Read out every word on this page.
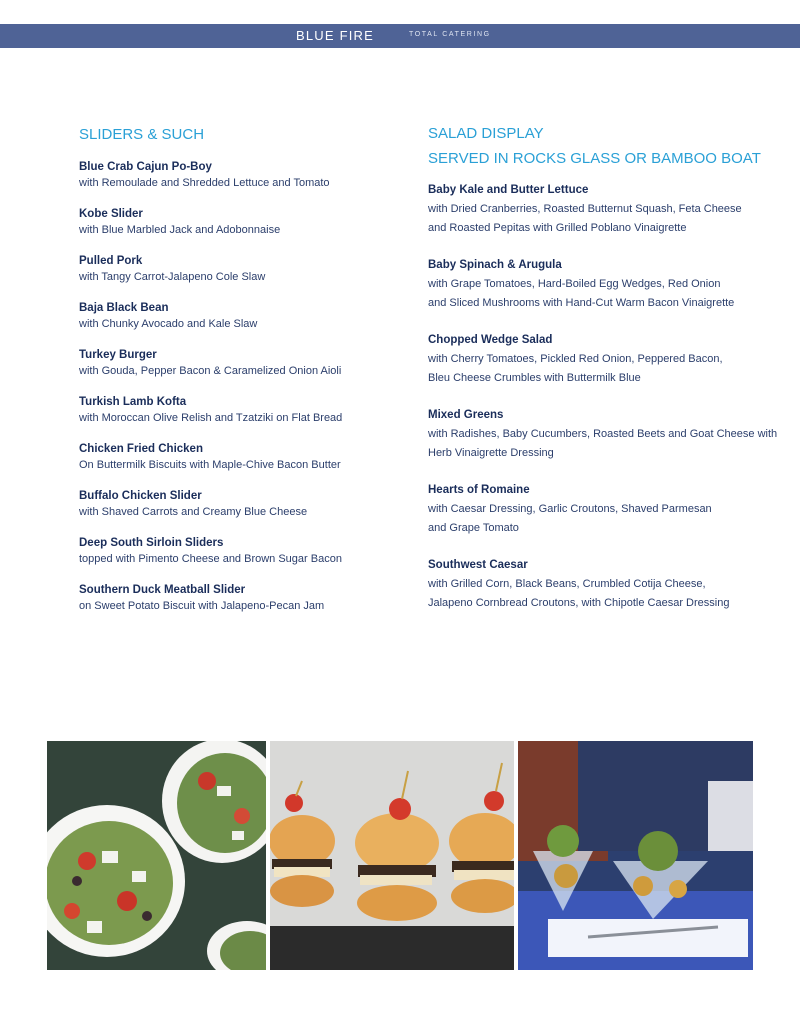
BLUE FIRE	TOTAL CATERING
SLIDERS & SUCH
Blue Crab Cajun Po-Boy
with Remoulade and Shredded Lettuce and Tomato
Kobe Slider
with Blue Marbled Jack and Adobonnaise
Pulled Pork
with Tangy Carrot-Jalapeno Cole Slaw
Baja Black Bean
with Chunky Avocado and Kale Slaw
Turkey Burger
with Gouda, Pepper Bacon & Caramelized Onion Aioli
Turkish Lamb Kofta
with Moroccan Olive Relish and Tzatziki on Flat Bread
Chicken Fried Chicken
On Buttermilk Biscuits with Maple-Chive Bacon Butter
Buffalo Chicken Slider
with Shaved Carrots and Creamy Blue Cheese
Deep South Sirloin Sliders
topped with Pimento Cheese and Brown Sugar Bacon
Southern Duck Meatball Slider
on Sweet Potato Biscuit with Jalapeno-Pecan Jam
SALAD DISPLAY
SERVED IN ROCKS GLASS OR BAMBOO BOAT
Baby Kale and Butter Lettuce
with Dried Cranberries, Roasted Butternut Squash, Feta Cheese
and Roasted Pepitas with Grilled Poblano Vinaigrette
Baby Spinach & Arugula
with Grape Tomatoes, Hard-Boiled Egg Wedges, Red Onion
and Sliced Mushrooms with Hand-Cut Warm Bacon Vinaigrette
Chopped Wedge Salad
with Cherry Tomatoes, Pickled Red Onion, Peppered Bacon,
Bleu Cheese Crumbles with Buttermilk Blue
Mixed Greens
with Radishes, Baby Cucumbers, Roasted Beets and Goat Cheese with
Herb Vinaigrette Dressing
Hearts of Romaine
with Caesar Dressing, Garlic Croutons, Shaved Parmesan
and Grape Tomato
Southwest Caesar
with Grilled Corn, Black Beans, Crumbled Cotija Cheese,
Jalapeno Cornbread Croutons, with Chipotle Caesar Dressing
